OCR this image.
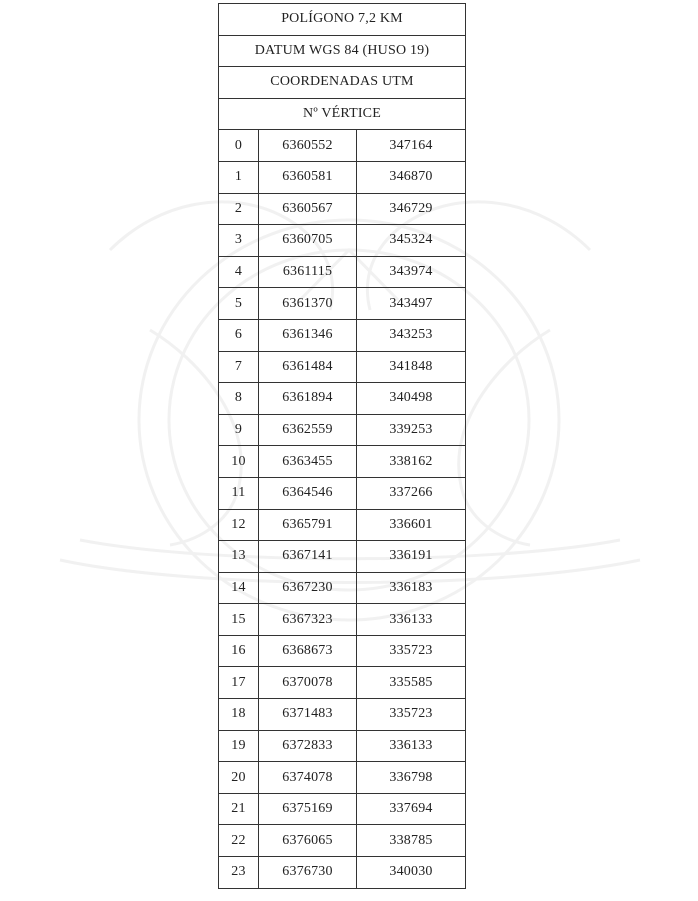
POLÍGONO 7,2 KM		
DATUM WGS 84 (HUSO 19)		
COORDENADAS UTM		
Nº VÉRTICE		
0	6360552	347164
1	6360581	346870
2	6360567	346729
3	6360705	345324
4	6361115	343974
5	6361370	343497
6	6361346	343253
7	6361484	341848
8	6361894	340498
9	6362559	339253
10	6363455	338162
11	6364546	337266
12	6365791	336601
13	6367141	336191
14	6367230	336183
15	6367323	336133
16	6368673	335723
17	6370078	335585
18	6371483	335723
19	6372833	336133
20	6374078	336798
21	6375169	337694
22	6376065	338785
23	6376730	340030
